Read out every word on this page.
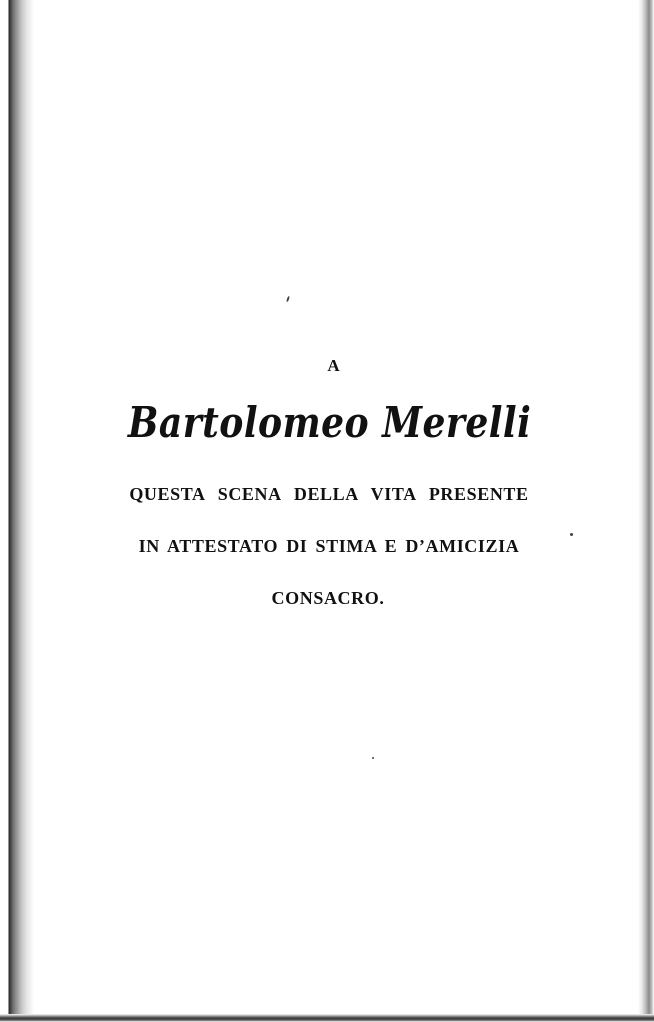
A
Bartolomeo Merelli
QUESTA SCENA DELLA VITA PRESENTE
IN ATTESTATO DI STIMA E D’AMICIZIA
CONSACRO.
